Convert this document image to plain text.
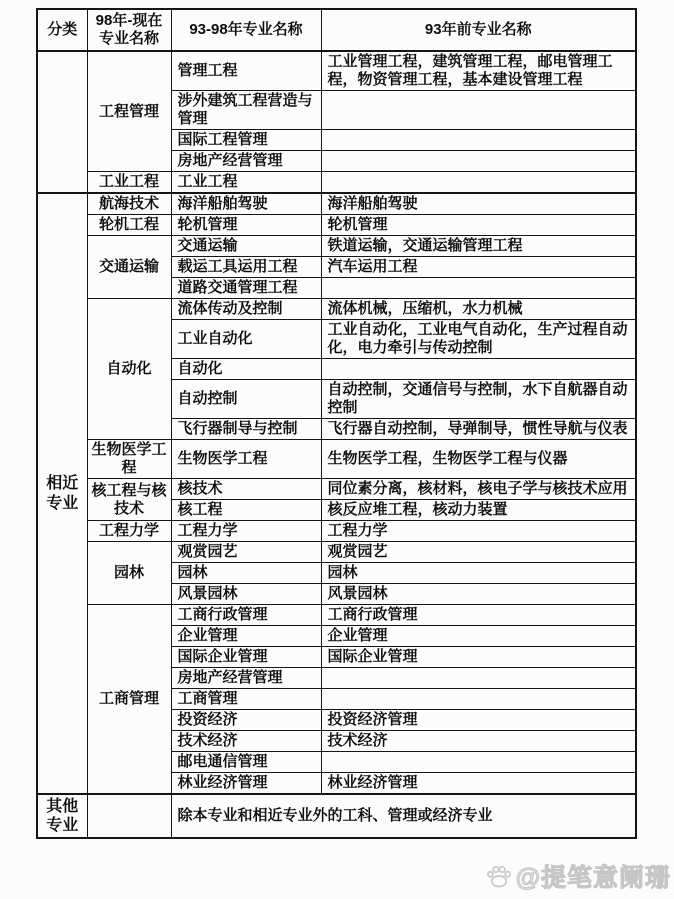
分类	98年-现在专业名称	93-98年专业名称	93年前专业名称
	工程管理	管理工程	工业管理工程，建筑管理工程，邮电管理工程，物资管理工程，基本建设管理工程
		涉外建筑工程营造与管理	
		国际工程管理	
		房地产经营管理	
	工业工程	工业工程	
相近专业	航海技术	海洋船舶驾驶	海洋船舶驾驶
	轮机工程	轮机管理	轮机管理
	交通运输	交通运输	铁道运输，交通运输管理工程
		载运工具运用工程	汽车运用工程
		道路交通管理工程	
	自动化	流体传动及控制	流体机械，压缩机，水力机械
		工业自动化	工业自动化，工业电气自动化，生产过程自动化，电力牵引与传动控制
		自动化	
		自动控制	自动控制，交通信号与控制，水下自航器自动控制
		飞行器制导与控制	飞行器自动控制，导弹制导，惯性导航与仪表
	生物医学工程	生物医学工程	生物医学工程，生物医学工程与仪器
	核工程与核技术	核技术	同位素分离，核材料，核电子学与核技术应用
		核工程	核反应堆工程，核动力装置
	工程力学	工程力学	工程力学
	园林	观赏园艺	观赏园艺
		园林	园林
		风景园林	风景园林
	工商管理	工商行政管理	工商行政管理
		企业管理	企业管理
		国际企业管理	国际企业管理
		房地产经营管理	
		工商管理	
		投资经济	投资经济管理
		技术经济	技术经济
		邮电通信管理	
		林业经济管理	林业经济管理
其他专业		除本专业和相近专业外的工科、管理或经济专业	
@提笔意阑珊
